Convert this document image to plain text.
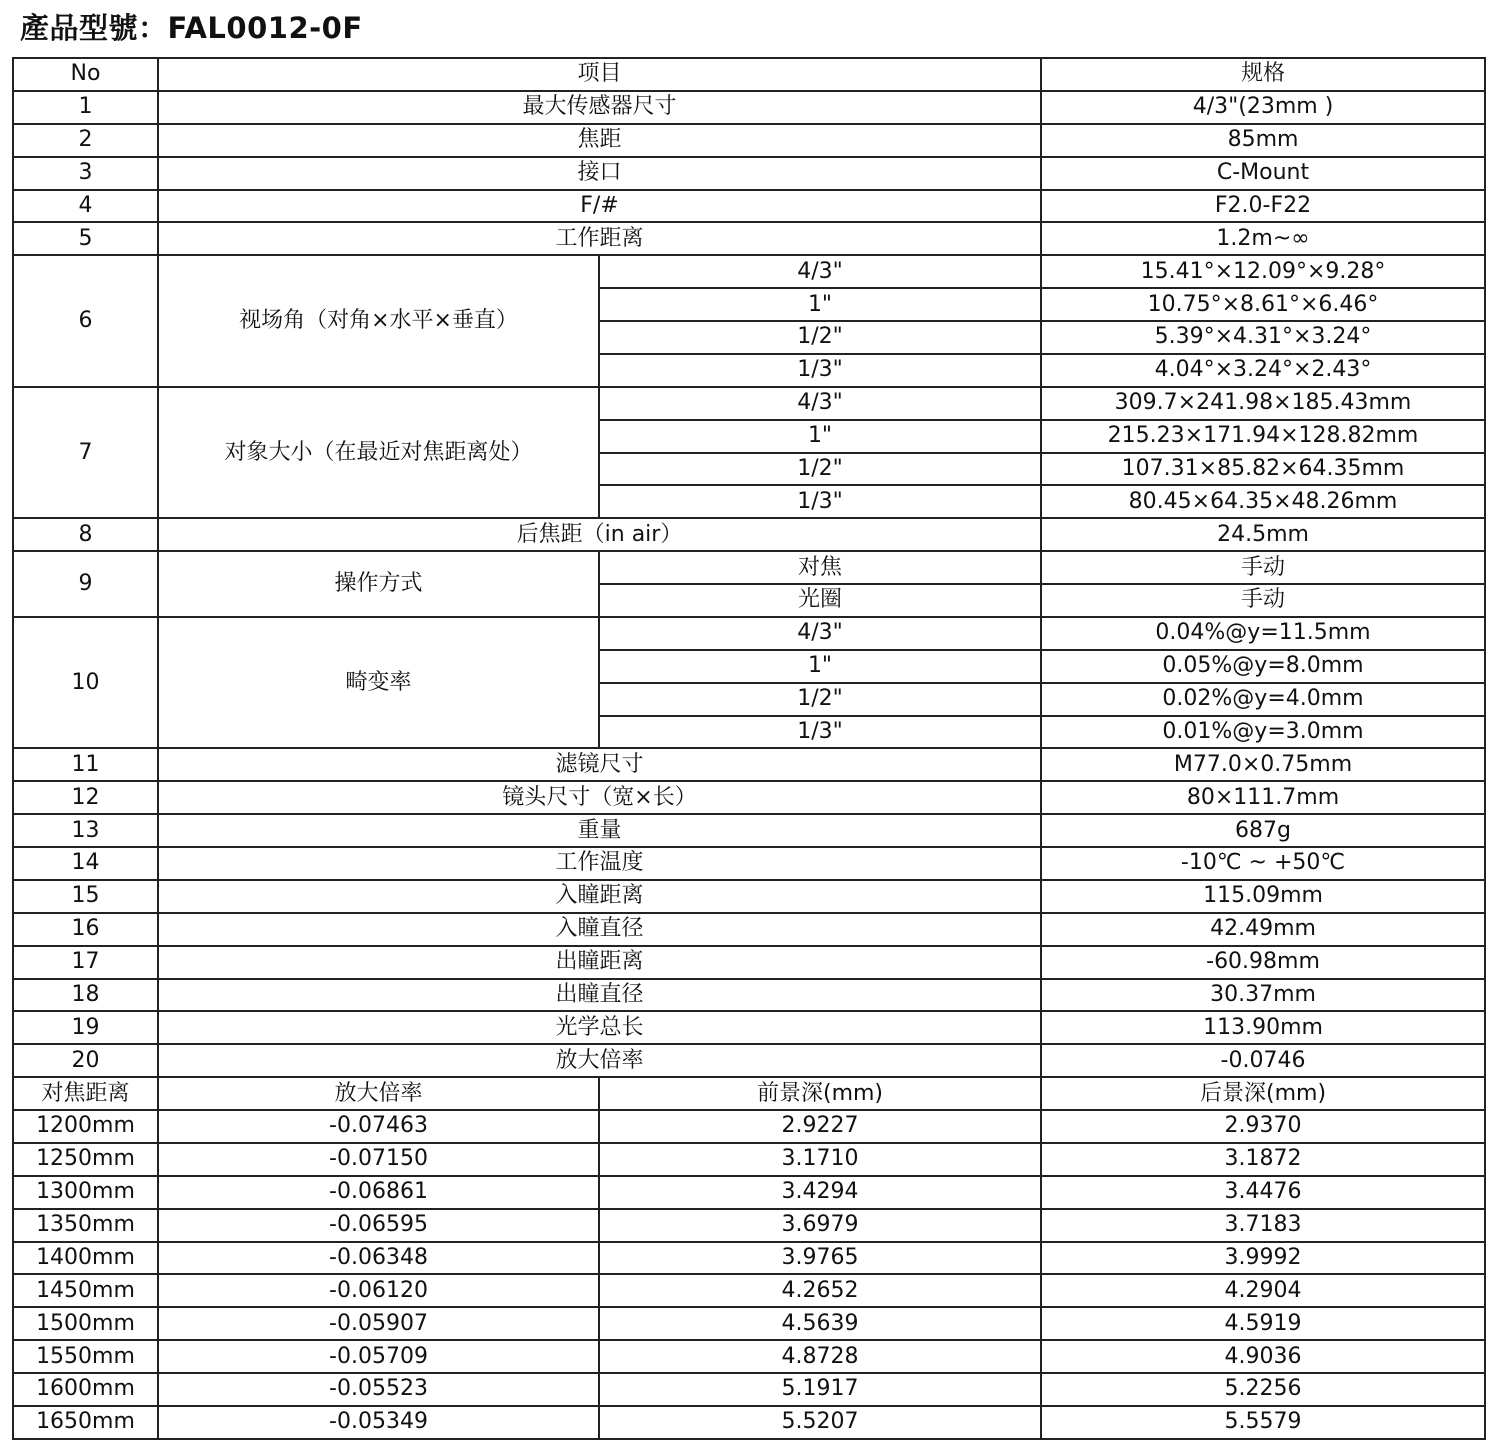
產品型號：FAL0012-0F
No	项目		规格
1	最大传感器尺寸		4/3"(23mm )
2	焦距		85mm
3	接口		C-Mount
4	F/#		F2.0-F22
5	工作距离		1.2m~∞
6	视场角（对角×水平×垂直）	4/3"	15.41°×12.09°×9.28°
		1"	10.75°×8.61°×6.46°
		1/2"	5.39°×4.31°×3.24°
		1/3"	4.04°×3.24°×2.43°
7	对象大小（在最近对焦距离处）	4/3"	309.7×241.98×185.43mm
		1"	215.23×171.94×128.82mm
		1/2"	107.31×85.82×64.35mm
		1/3"	80.45×64.35×48.26mm
8	后焦距（in air）		24.5mm
9	操作方式	对焦	手动
		光圈	手动
10	畸变率	4/3"	0.04%@y=11.5mm
		1"	0.05%@y=8.0mm
		1/2"	0.02%@y=4.0mm
		1/3"	0.01%@y=3.0mm
11	滤镜尺寸		M77.0×0.75mm
12	镜头尺寸（宽×长）		80×111.7mm
13	重量		687g
14	工作温度		-10℃ ~ +50℃
15	入瞳距离		115.09mm
16	入瞳直径		42.49mm
17	出瞳距离		-60.98mm
18	出瞳直径		30.37mm
19	光学总长		113.90mm
20	放大倍率		-0.0746
对焦距离	放大倍率	前景深(mm)	后景深(mm)
1200mm	-0.07463	2.9227	2.9370
1250mm	-0.07150	3.1710	3.1872
1300mm	-0.06861	3.4294	3.4476
1350mm	-0.06595	3.6979	3.7183
1400mm	-0.06348	3.9765	3.9992
1450mm	-0.06120	4.2652	4.2904
1500mm	-0.05907	4.5639	4.5919
1550mm	-0.05709	4.8728	4.9036
1600mm	-0.05523	5.1917	5.2256
1650mm	-0.05349	5.5207	5.5579
